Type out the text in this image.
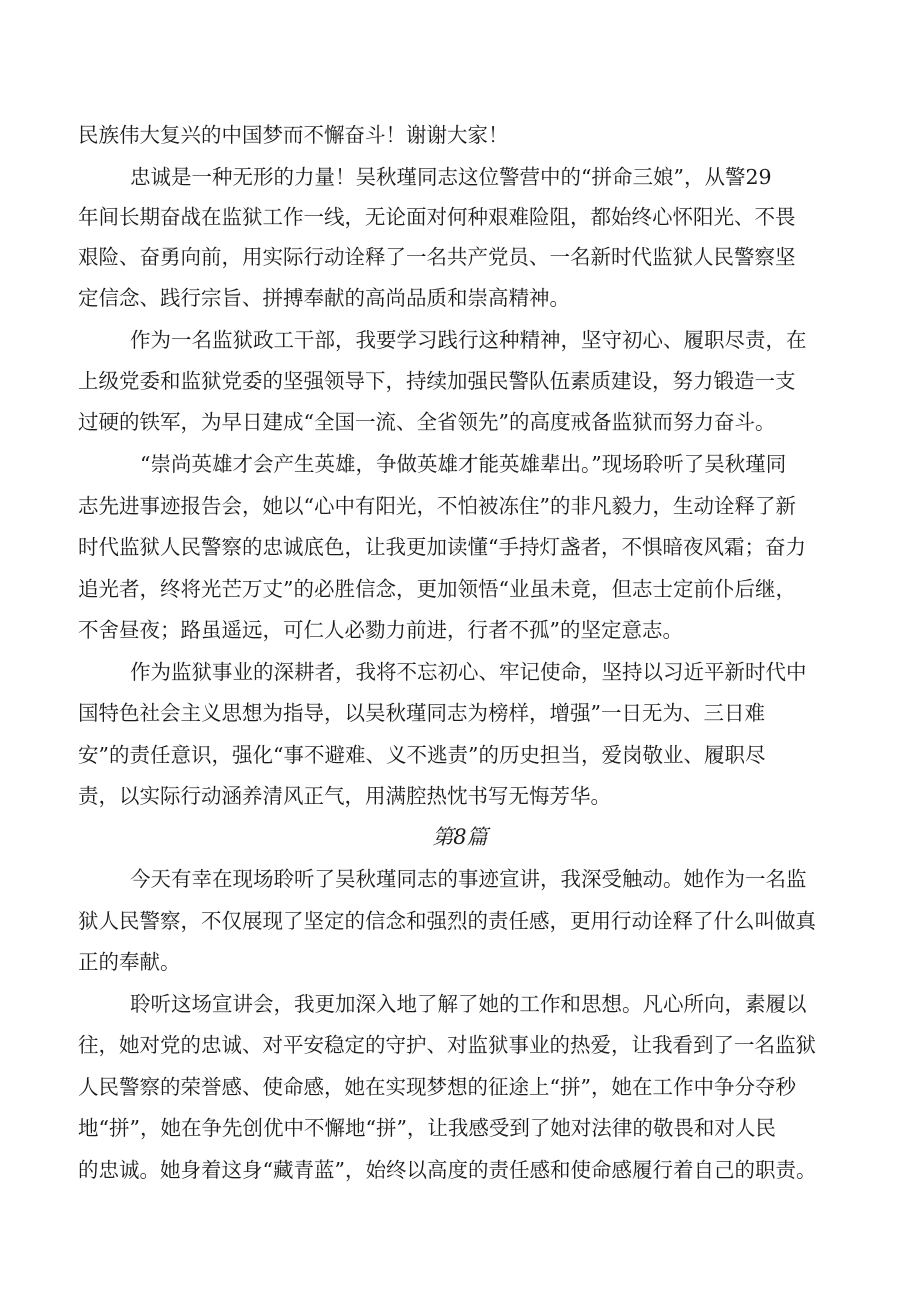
民族伟大复兴的中国梦而不懈奋斗！谢谢大家！
忠诚是一种无形的力量！吴秋瑾同志这位警营中的“拼命三娘”，从警29
年间长期奋战在监狱工作一线，无论面对何种艰难险阻，都始终心怀阳光、不畏
艰险、奋勇向前，用实际行动诠释了一名共产党员、一名新时代监狱人民警察坚
定信念、践行宗旨、拼搏奉献的高尚品质和崇高精神。
作为一名监狱政工干部，我要学习践行这种精神，坚守初心、履职尽责，在
上级党委和监狱党委的坚强领导下，持续加强民警队伍素质建设，努力锻造一支
过硬的铁军，为早日建成“全国一流、全省领先”的高度戒备监狱而努力奋斗。
“崇尚英雄才会产生英雄，争做英雄才能英雄辈出。”现场聆听了吴秋瑾同
志先进事迹报告会，她以“心中有阳光，不怕被冻住”的非凡毅力，生动诠释了新
时代监狱人民警察的忠诚底色，让我更加读懂“手持灯盏者，不惧暗夜风霜；奋力
追光者，终将光芒万丈”的必胜信念，更加领悟“业虽未竟，但志士定前仆后继，
不舍昼夜；路虽遥远，可仁人必勠力前进，行者不孤”的坚定意志。
作为监狱事业的深耕者，我将不忘初心、牢记使命，坚持以习近平新时代中
国特色社会主义思想为指导，以吴秋瑾同志为榜样，增强”一日无为、三日难
安”的责任意识，强化“事不避难、义不逃责”的历史担当，爱岗敬业、履职尽
责，以实际行动涵养清风正气，用满腔热忱书写无悔芳华。
第8篇
今天有幸在现场聆听了吴秋瑾同志的事迹宣讲，我深受触动。她作为一名监
狱人民警察，不仅展现了坚定的信念和强烈的责任感，更用行动诠释了什么叫做真
正的奉献。
聆听这场宣讲会，我更加深入地了解了她的工作和思想。凡心所向，素履以
往，她对党的忠诚、对平安稳定的守护、对监狱事业的热爱，让我看到了一名监狱
人民警察的荣誉感、使命感，她在实现梦想的征途上“拼”，她在工作中争分夺秒
地“拼”，她在争先创优中不懈地“拼”，让我感受到了她对法律的敬畏和对人民
的忠诚。她身着这身“藏青蓝”，始终以高度的责任感和使命感履行着自己的职责。
